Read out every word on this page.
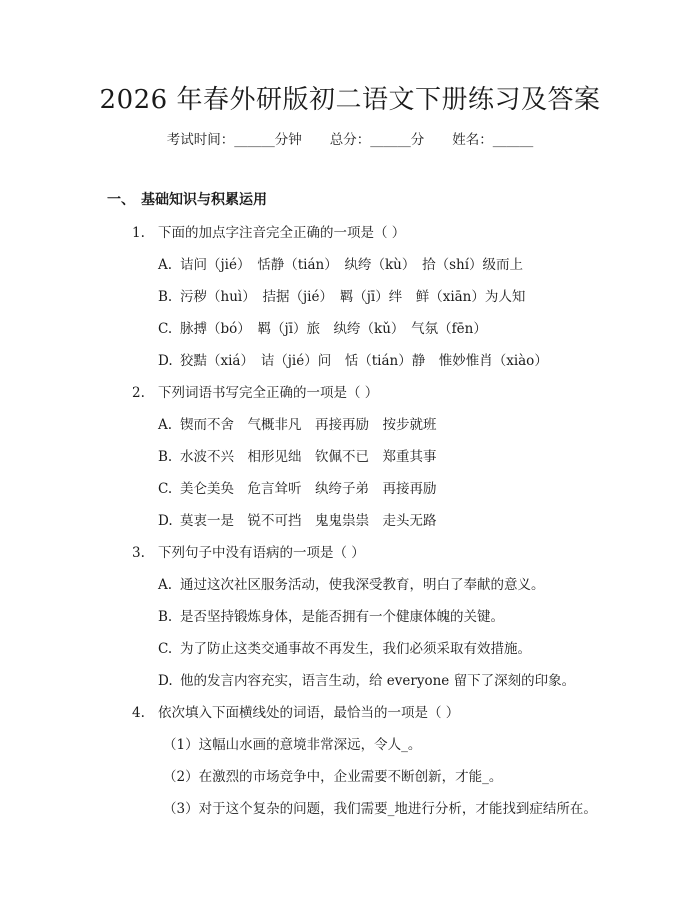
2026 年春外研版初二语文下册练习及答案
考试时间：______分钟 总分：______分 姓名：______
一、 基础知识与积累运用
1. 下面的加点字注音完全正确的一项是（ ）
A. 诘问（jié）　恬静（tián）　纨绔（kù）　拾（shí）级而上
B. 污秽（huì）　拮据（jié）　羁（jī）绊　鲜（xiān）为人知
C. 脉搏（bó）　羁（jī）旅　纨绔（kǔ）　气氛（fēn）
D. 狡黠（xiá）　诘（jié）问　恬（tián）静　惟妙惟肖（xiào）
2. 下列词语书写完全正确的一项是（ ）
A. 锲而不舍　气概非凡　再接再励　按步就班
B. 水波不兴　相形见绌　钦佩不已　郑重其事
C. 美仑美奂　危言耸听　纨绔子弟　再接再励
D. 莫衷一是　锐不可挡　鬼鬼祟祟　走头无路
3. 下列句子中没有语病的一项是（ ）
A. 通过这次社区服务活动，使我深受教育，明白了奉献的意义。
B. 是否坚持锻炼身体，是能否拥有一个健康体魄的关键。
C. 为了防止这类交通事故不再发生，我们必须采取有效措施。
D. 他的发言内容充实，语言生动，给 everyone 留下了深刻的印象。
4. 依次填入下面横线处的词语，最恰当的一项是（ ）
（1）这幅山水画的意境非常深远，令人_。
（2）在激烈的市场竞争中，企业需要不断创新，才能_。
（3）对于这个复杂的问题，我们需要_地进行分析，才能找到症结所在。
